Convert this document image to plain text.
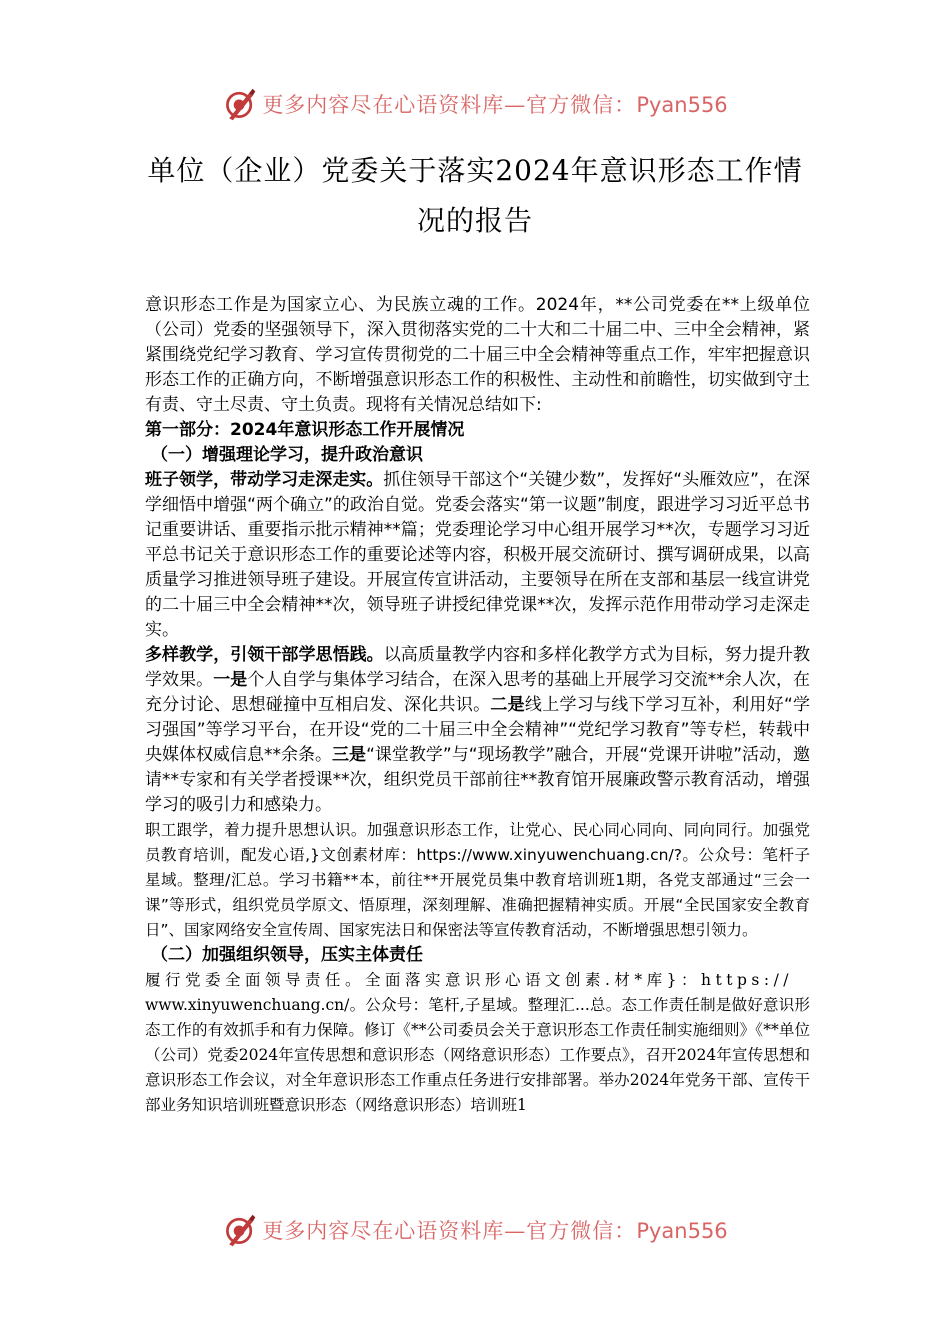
更多内容尽在心语资料库—官方微信：Pyan556
单位（企业）党委关于落实2024年意识形态工作情
况的报告

意识形态工作是为国家立心、为民族立魂的工作。2024年，**公司党委在**上级单位（公司）党委的坚强领导下，深入贯彻落实党的二十大和二十届二中、三中全会精神，紧紧围绕党纪学习教育、学习宣传贯彻党的二十届三中全会精神等重点工作，牢牢把握意识形态工作的正确方向，不断增强意识形态工作的积极性、主动性和前瞻性，切实做到守土有责、守土尽责、守土负责。现将有关情况总结如下:

第一部分：2024年意识形态工作开展情况

（一）增强理论学习，提升政治意识

班子领学，带动学习走深走实。抓住领导干部这个“关键少数”，发挥好“头雁效应”，在深学细悟中增强“两个确立”的政治自觉。党委会落实“第一议题”制度，跟进学习习近平总书记重要讲话、重要指示批示精神**篇；党委理论学习中心组开展学习**次，专题学习习近平总书记关于意识形态工作的重要论述等内容，积极开展交流研讨、撰写调研成果，以高质量学习推进领导班子建设。开展宣传宣讲活动，主要领导在所在支部和基层一线宣讲党的二十届三中全会精神**次，领导班子讲授纪律党课**次，发挥示范作用带动学习走深走实。

多样教学，引领干部学思悟践。以高质量教学内容和多样化教学方式为目标，努力提升教学效果。一是个人自学与集体学习结合，在深入思考的基础上开展学习交流**余人次，在充分讨论、思想碰撞中互相启发、深化共识。二是线上学习与线下学习互补，利用好“学习强国”等学习平台，在开设“党的二十届三中全会精神”“党纪学习教育”等专栏，转载中央媒体权威信息**余条。三是“课堂教学”与“现场教学”融合，开展“党课开讲啦”活动，邀请**专家和有关学者授课**次，组织党员干部前往**教育馆开展廉政警示教育活动，增强学习的吸引力和感染力。

职工跟学，着力提升思想认识。加强意识形态工作，让党心、民心同心同向、同向同行。加强党员教育培训，配发心语,}文创素材库：https://www.xinyuwenchuang.cn/?。公众号：笔杆子星域。整理/汇总。学习书籍**本，前往**开展党员集中教育培训班1期，各党支部通过“三会一课”等形式，组织党员学原文、悟原理，深刻理解、准确把握精神实质。开展“全民国家安全教育日”、国家网络安全宣传周、国家宪法日和保密法等宣传教育活动，不断增强思想引领力。

（二）加强组织领导，压实主体责任

履行党委全面领导责任。全面落实意识形心语文创素.材*库}：https://

www.xinyuwenchuang.cn/。公众号：笔杆,子星域。整理汇...总。态工作责任制是做好意识形态工作的有效抓手和有力保障。修订《**公司委员会关于意识形态工作责任制实施细则》《**单位（公司）党委2024年宣传思想和意识形态（网络意识形态）工作要点》，召开2024年宣传思想和意识形态工作会议，对全年意识形态工作重点任务进行安排部署。举办2024年党务干部、宣传干部业务知识培训班暨意识形态（网络意识形态）培训班1

更多内容尽在心语资料库—官方微信：Pyan556
